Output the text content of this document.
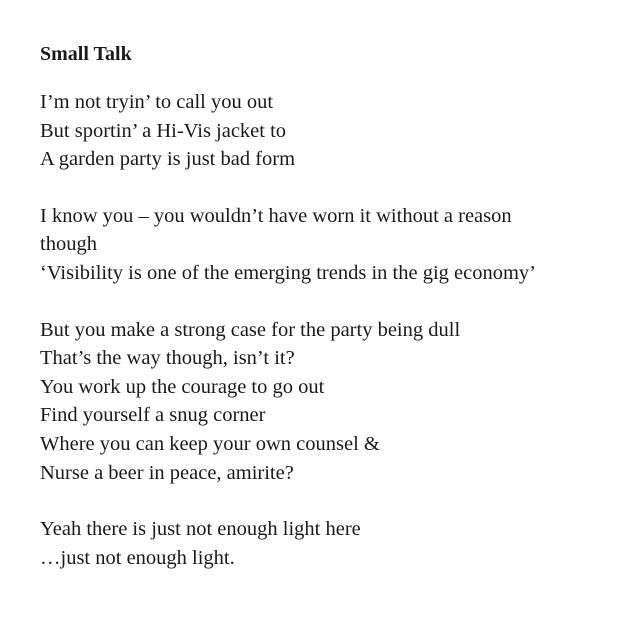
Small Talk
I’m not tryin’ to call you out
But sportin’ a Hi-Vis jacket to
A garden party is just bad form
I know you – you wouldn’t have worn it without a reason
though
‘Visibility is one of the emerging trends in the gig economy’
But you make a strong case for the party being dull
That’s the way though, isn’t it?
You work up the courage to go out
Find yourself a snug corner
Where you can keep your own counsel &
Nurse a beer in peace, amirite?
Yeah there is just not enough light here
…just not enough light.
